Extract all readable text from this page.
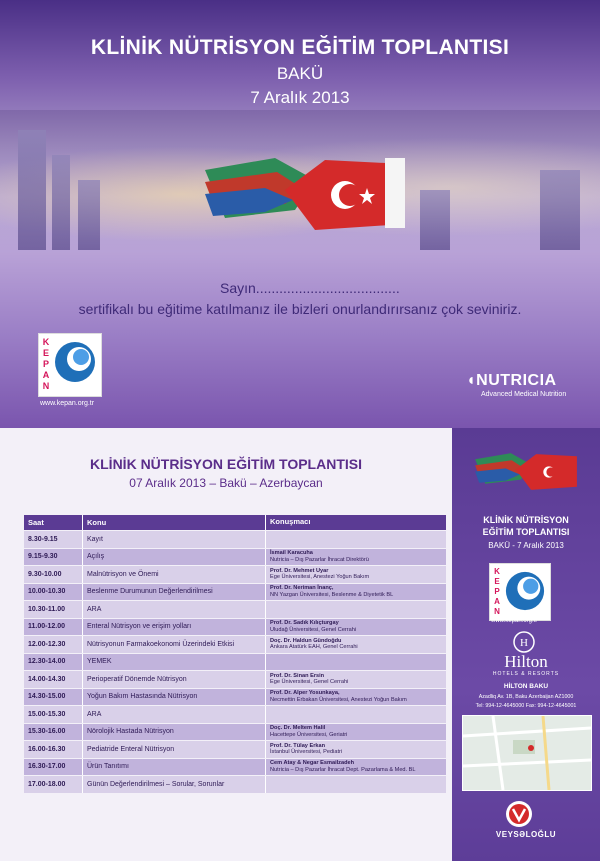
KLİNİK NÜTRİSYON EĞİTİM TOPLANTISI
BAKÜ
7 Aralık 2013
Sayın.....................................
sertifikalı bu eğitime katılmanız ile bizleri onurlandırırsanız çok seviniriz.
KEPAN
www.kepan.org.tr
◖NUTRICIA
Advanced Medical Nutrition
KLİNİK NÜTRİSYON EĞİTİM TOPLANTISI
07 Aralık 2013 – Bakü – Azerbaycan
Saat	Konu	Konuşmacı
8.30-9.15	Kayıt	

9.15-9.30	Açılış	İsmail Karacuha
Nutricia – Dış Pazarlar İhracat Direktörü

9.30-10.00	Malnütrisyon ve Önemi	Prof. Dr. Mehmet Uyar
Ege Üniversitesi, Anestezi Yoğun Bakım

10.00-10.30	Beslenme Durumunun Değerlendirilmesi	Prof. Dr. Neriman İnanç,
NN Yazgan Üniversitesi, Beslenme & Diyetetik BL

10.30-11.00	ARA	

11.00-12.00	Enteral Nütrisyon ve erişim yolları	Prof. Dr. Sadık Kılıçturgay
Uludağ Üniversitesi, Genel Cerrahi

12.00-12.30	Nütrisyonun Farmakoekonomi Üzerindeki Etkisi	Doç. Dr. Haldun Gündoğdu
Ankara Atatürk EAH, Genel Cerrahi

12.30-14.00	YEMEK	

14.00-14.30	Perioperatif Dönemde Nütrisyon	Prof. Dr. Sinan Ersin
Ege Üniversitesi, Genel Cerrahi

14.30-15.00	Yoğun Bakım Hastasında Nütrisyon	Prof. Dr. Alper Yosunkaya,
Necmettin Erbakan Üniversitesi, Anestezi Yoğun Bakım

15.00-15.30	ARA	

15.30-16.00	Nörolojik Hastada Nütrisyon	Doç. Dr. Meltem Halil
Hacettepe Üniversitesi, Geriatri

16.00-16.30	Pediatride Enteral Nütrisyon	Prof. Dr. Tülay Erkan
İstanbul Üniversitesi, Pediatri

16.30-17.00	Ürün Tanıtımı	Cem Atay & Negar Esmailzadeh
Nutricia – Dış Pazarlar İhracat Dept. Pazarlama & Med. BL

17.00-18.00	Günün Değerlendirilmesi – Sorular, Sorunlar	
KLİNİK NÜTRİSYON
EĞİTİM TOPLANTISI
BAKÜ - 7 Aralık 2013
KEPAN
www.kepan.org.tr
H
Hilton
HOTELS & RESORTS
HİLTON BAKU
Azadliq Av. 1B, Baku Azerbaijan AZ1000
Tel: 994-12-4645000 Fax: 994-12-4645001
VEYSƏLOĞLU
